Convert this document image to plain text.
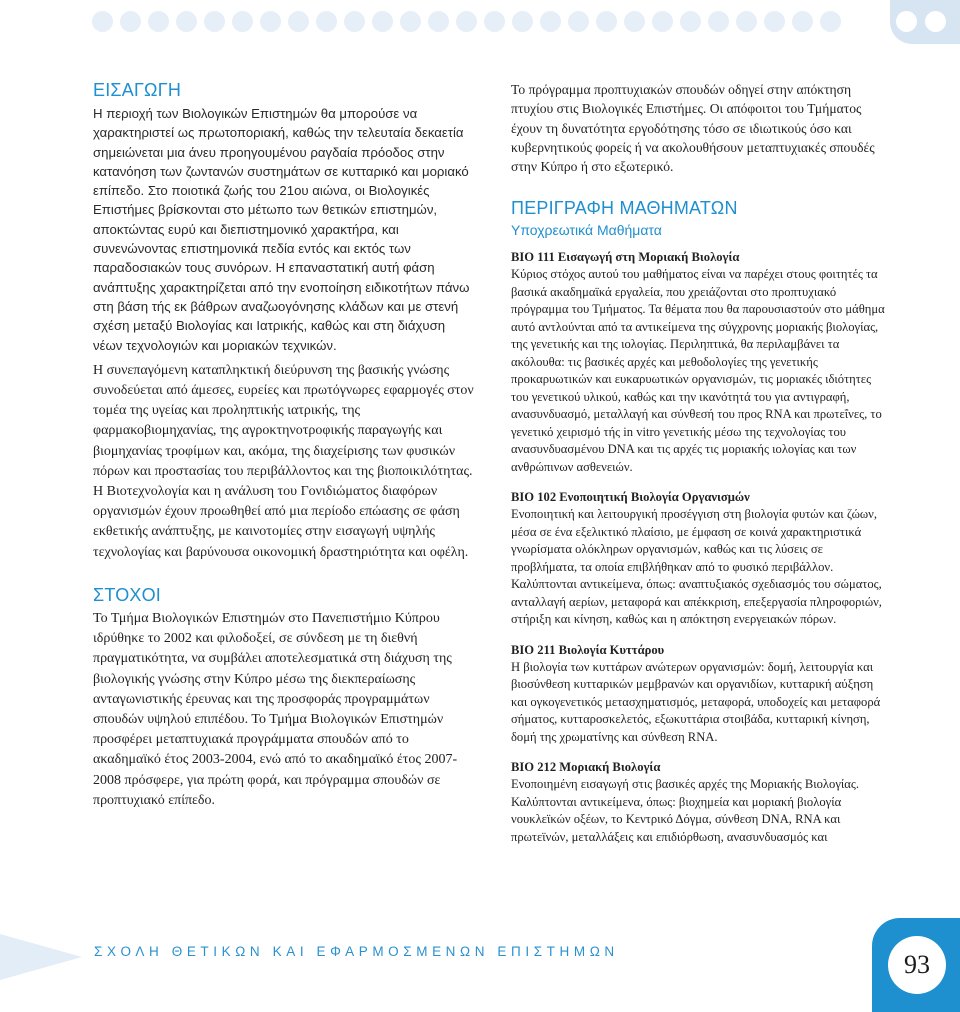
ΕΙΣΑΓΩΓΗ

Η περιοχή των Βιολογικών Επιστημών θα μπορούσε να χαρακτηριστεί ως πρωτοποριακή, καθώς την τελευταία δεκαετία σημειώνεται μια άνευ προηγουμένου ραγδαία πρόοδος στην κατανόηση των ζωντανών συστημάτων σε κυτταρικό και μοριακό επίπεδο. Στο ποιοτικά ζωής του 21ου αιώνα, οι Βιολογικές Επιστήμες βρίσκονται στο μέτωπο των θετικών επιστημών, αποκτώντας ευρύ και διεπιστημονικό χαρακτήρα, και συνενώνοντας επιστημονικά πεδία εντός και εκτός των παραδοσιακών τους συνόρων. Η επαναστατική αυτή φάση ανάπτυξης χαρακτηρίζεται από την ενοποίηση ειδικοτήτων πάνω στη βάση τής εκ βάθρων αναζωογόνησης κλάδων και με στενή σχέση μεταξύ Βιολογίας και Ιατρικής, καθώς και στη διάχυση νέων τεχνολογιών και μοριακών τεχνικών.

Η συνεπαγόμενη καταπληκτική διεύρυνση της βασικής γνώσης συνοδεύεται από άμεσες, ευρείες και πρωτόγνωρες εφαρμογές στον τομέα της υγείας και προληπτικής ιατρικής, της φαρμακοβιομηχανίας, της αγροκτηνοτροφικής παραγωγής και βιομηχανίας τροφίμων και, ακόμα, της διαχείρισης των φυσικών πόρων και προστασίας του περιβάλλοντος και της βιοποικιλότητας. Η Βιοτεχνολογία και η ανάλυση του Γονιδιώματος διαφόρων οργανισμών έχουν προωθηθεί από μια περίοδο επώασης σε φάση εκθετικής ανάπτυξης, με καινοτομίες στην εισαγωγή υψηλής τεχνολογίας και βαρύνουσα οικονομική δραστηριότητα και οφέλη.

ΣΤΟΧΟΙ

Το Τμήμα Βιολογικών Επιστημών στο Πανεπιστήμιο Κύπρου ιδρύθηκε το 2002 και φιλοδοξεί, σε σύνδεση με τη διεθνή πραγματικότητα, να συμβάλει αποτελεσματικά στη διάχυση της βιολογικής γνώσης στην Κύπρο μέσω της διεκπεραίωσης ανταγωνιστικής έρευνας και της προσφοράς προγραμμάτων σπουδών υψηλού επιπέδου. Το Τμήμα Βιολογικών Επιστημών προσφέρει μεταπτυχιακά προγράμματα σπουδών από το ακαδημαϊκό έτος 2003-2004, ενώ από το ακαδημαϊκό έτος 2007-2008 πρόσφερε, για πρώτη φορά, και πρόγραμμα σπουδών σε προπτυχιακό επίπεδο.

Το πρόγραμμα προπτυχιακών σπουδών οδηγεί στην απόκτηση πτυχίου στις Βιολογικές Επιστήμες. Οι απόφοιτοι του Τμήματος έχουν τη δυνατότητα εργοδότησης τόσο σε ιδιωτικούς όσο και κυβερνητικούς φορείς ή να ακολουθήσουν μεταπτυχιακές σπουδές στην Κύπρο ή στο εξωτερικό.

ΠΕΡΙΓΡΑΦΗ ΜΑΘΗΜΑΤΩΝ
Υποχρεωτικά Μαθήματα

ΒΙΟ 111 Εισαγωγή στη Μοριακή Βιολογία

Κύριος στόχος αυτού του μαθήματος είναι να παρέχει στους φοιτητές τα βασικά ακαδημαϊκά εργαλεία, που χρειάζονται στο προπτυχιακό πρόγραμμα του Τμήματος. Τα θέματα που θα παρουσιαστούν στο μάθημα αυτό αντλούνται από τα αντικείμενα της σύγχρονης μοριακής βιολογίας, της γενετικής και της ιολογίας. Περιληπτικά, θα περιλαμβάνει τα ακόλουθα: τις βασικές αρχές και μεθοδολογίες της γενετικής προκαρυωτικών και ευκαρυωτικών οργανισμών, τις μοριακές ιδιότητες του γενετικού υλικού, καθώς και την ικανότητά του για αντιγραφή, ανασυνδυασμό, μεταλλαγή και σύνθεσή του προς RNA και πρωτεΐνες, το γενετικό χειρισμό τής in vitro γενετικής μέσω της τεχνολογίας του ανασυνδυασμένου DNA και τις αρχές τις μοριακής ιολογίας και των ανθρώπινων ασθενειών.

ΒΙΟ 102 Ενοποιητική Βιολογία Οργανισμών

Ενοποιητική και λειτουργική προσέγγιση στη βιολογία φυτών και ζώων, μέσα σε ένα εξελικτικό πλαίσιο, με έμφαση σε κοινά χαρακτηριστικά γνωρίσματα ολόκληρων οργανισμών, καθώς και τις λύσεις σε προβλήματα, τα οποία επιβλήθηκαν από το φυσικό περιβάλλον. Καλύπτονται αντικείμενα, όπως: αναπτυξιακός σχεδιασμός του σώματος, ανταλλαγή αερίων, μεταφορά και απέκκριση, επεξεργασία πληροφοριών, στήριξη και κίνηση, καθώς και η απόκτηση ενεργειακών πόρων.

ΒΙΟ 211 Βιολογία Κυττάρου

Η βιολογία των κυττάρων ανώτερων οργανισμών: δομή, λειτουργία και βιοσύνθεση κυτταρικών μεμβρανών και οργανιδίων, κυτταρική αύξηση και ογκογενετικός μετασχηματισμός, μεταφορά, υποδοχείς και μεταφορά σήματος, κυτταροσκελετός, εξωκυττάρια στοιβάδα, κυτταρική κίνηση, δομή της χρωματίνης και σύνθεση RNA.

ΒΙΟ 212 Μοριακή Βιολογία

Ενοποιημένη εισαγωγή στις βασικές αρχές της Μοριακής Βιολογίας. Καλύπτονται αντικείμενα, όπως: βιοχημεία και μοριακή βιολογία νουκλεϊκών οξέων, το Κεντρικό Δόγμα, σύνθεση DNA, RNA και πρωτεϊνών, μεταλλάξεις και επιδιόρθωση, ανασυνδυασμός και

ΣΧΟΛΗ ΘΕΤΙΚΩΝ ΚΑΙ ΕΦΑΡΜΟΣΜΕΝΩΝ ΕΠΙΣΤΗΜΩΝ	93
